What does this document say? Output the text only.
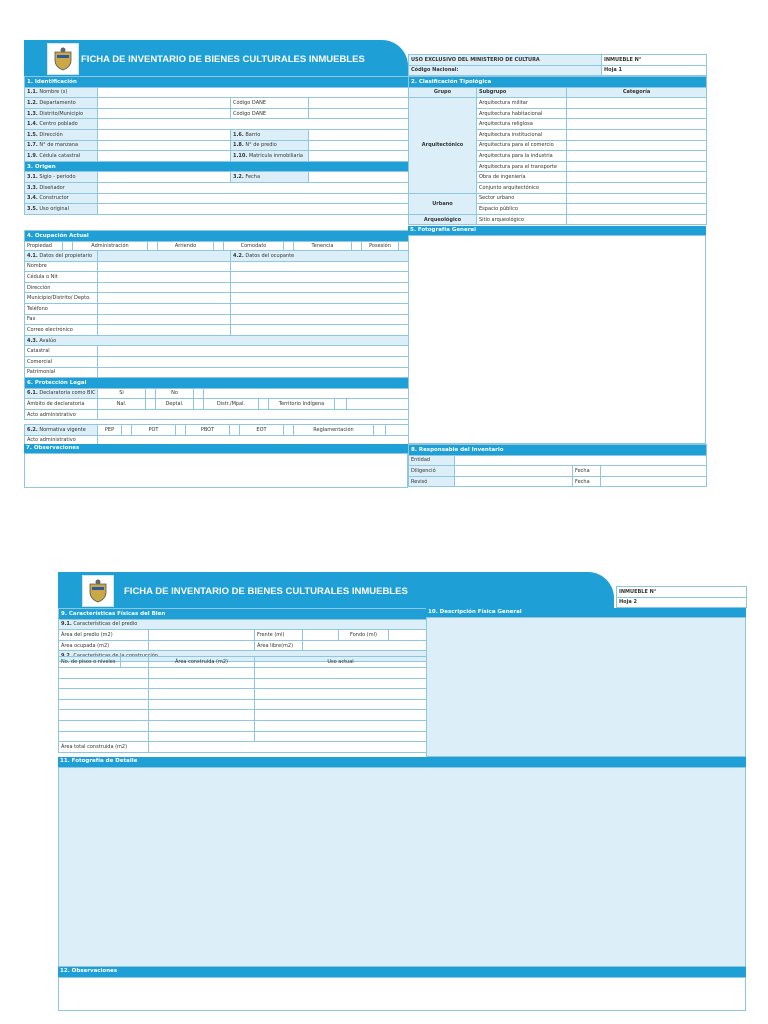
FICHA DE INVENTARIO DE BIENES CULTURALES INMUEBLES
1. Identificación			
1.1. Nombre (s)			
1.2. Departamento		Código DANE	
1.3. Distrito/Municipio		Código DANE	
1.4. Centro poblado			
1.5. Dirección		1.6. Barrio	
1.7. N° de manzana		1.8. N° de predio	
1.9. Cédula catastral		1.10. Matrícula inmobiliaria	
3. Origen			
3.1. Siglo - periodo		3.2. Fecha	
3.3. Diseñador			
3.4. Constructor			
3.5. Uso original			
4. Ocupación Actual
Propiedad		Administración		Arriendo		Comodato		Tenencia		Posesión	
4.1. Datos del propietario		4.2. Datos del ocupante
Nombre		
Cédula o Nit		
Dirección		
Municipio/Distrito/ Depto.		
Teléfono		
Fax		
Correo electrónico		
4.3. Avalúo		
Catastral		
Comercial		
Patrimonial		
6. Protección Legal									
6.1. Declaratoria como BIC	Si		No						
Ámbito de declaratoria	Nal.		Deptal.		Distr./Mpal.		Territorio Indígena		
Acto administrativo									
6.2. Normativa vigente	PEP		POT		PBOT		EOT		Reglamentación		
Acto administrativo											
7. Observaciones
USO EXCLUSIVO DEL MINISTERIO DE CULTURA	INMUEBLE N°
Código Nacional:	Hoja 1
2. Clasificación Tipológica		
Grupo	Subgrupo	Categoría
Arquitectónico	Arquitectura militar	
	Arquitectura habitacional	
	Arquitectura religiosa	
	Arquitectura institucional	
	Arquitectura para el comercio	
	Arquitectura para la industria	
	Arquitectura para el transporte	
	Obra de ingeniería	
	Conjunto arquitectónico	
Urbano	Sector urbano	
	Espacio público	
Arqueológico	Sitio arqueológico	
5. Fotografía General
8. Responsable del Inventario			
Entidad			
Diligenció		Fecha	
Revisó		Fecha	
FICHA DE INVENTARIO DE BIENES CULTURALES INMUEBLES	INMUEBLE N°
Hoja 2
9. Características Físicas del Bien					
9.1. Características del predio					
Área del predio (m2)		Frente (ml)		Fondo (ml)	
Área ocupada (m2)		Área libre(m2)			
9.2. Características de la construcción					
No. de pisos o niveles		Área construida (m2)	Uso actual

Área total construida (m2)			
10. Descripción Física General
11. Fotografía de Detalle
12. Observaciones
